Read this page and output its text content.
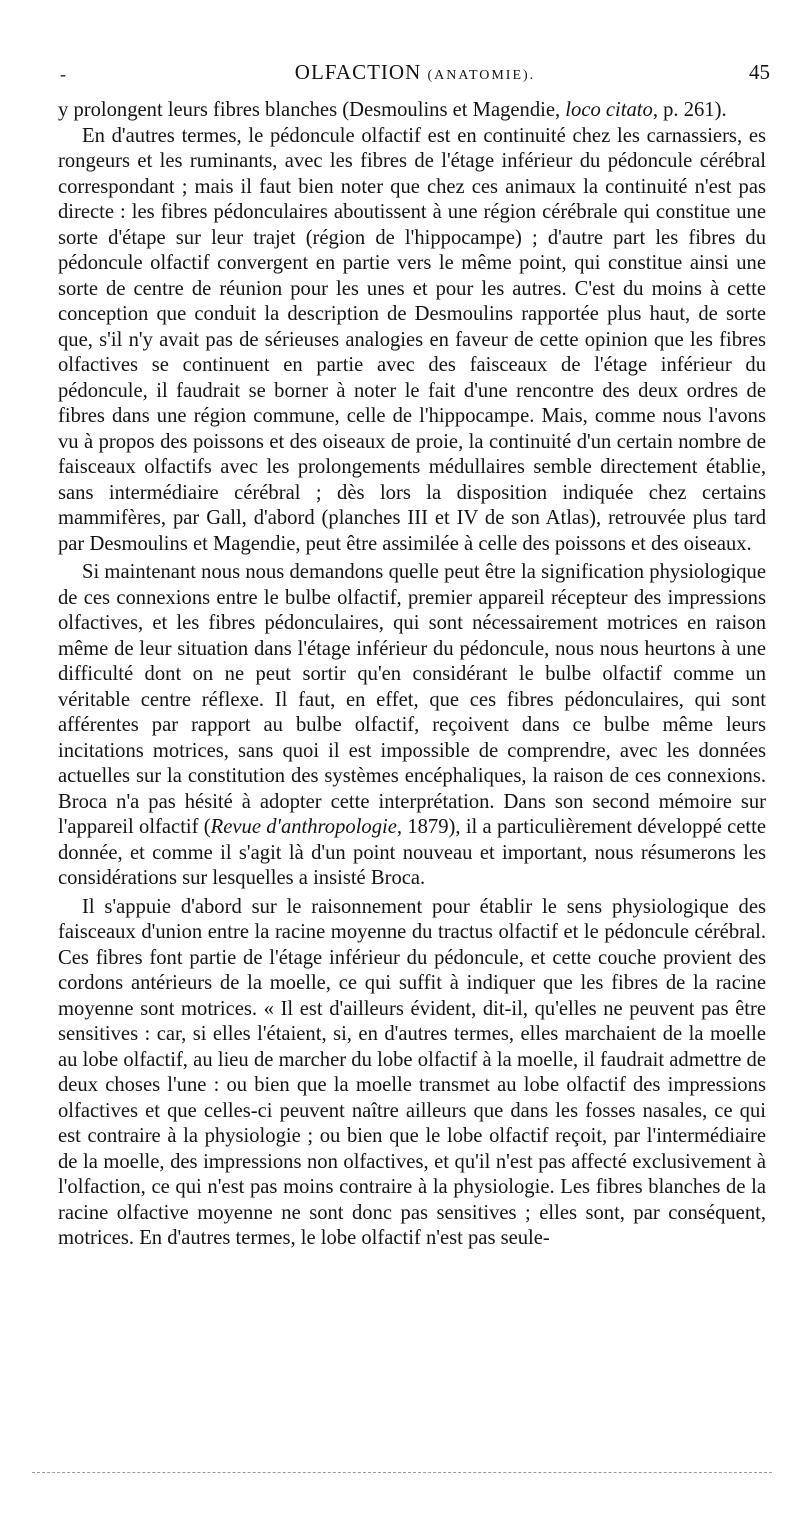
-	OLFACTION (ANATOMIE).	45

y prolongent leurs fibres blanches (Desmoulins et Magendie, loco citato, p. 261).

En d'autres termes, le pédoncule olfactif est en continuité chez les carnassiers, es rongeurs et les ruminants, avec les fibres de l'étage inférieur du pédoncule cérébral correspondant ; mais il faut bien noter que chez ces animaux la continuité n'est pas directe : les fibres pédonculaires aboutissent à une région cérébrale qui constitue une sorte d'étape sur leur trajet (région de l'hippocampe) ; d'autre part les fibres du pédoncule olfactif convergent en partie vers le même point, qui constitue ainsi une sorte de centre de réunion pour les unes et pour les autres. C'est du moins à cette conception que conduit la description de Desmoulins rapportée plus haut, de sorte que, s'il n'y avait pas de sérieuses analogies en faveur de cette opinion que les fibres olfactives se continuent en partie avec des faisceaux de l'étage inférieur du pédoncule, il faudrait se borner à noter le fait d'une rencontre des deux ordres de fibres dans une région commune, celle de l'hippocampe. Mais, comme nous l'avons vu à propos des poissons et des oiseaux de proie, la continuité d'un certain nombre de faisceaux olfactifs avec les prolongements médullaires semble directement établie, sans intermédiaire cérébral ; dès lors la disposition indiquée chez certains mammifères, par Gall, d'abord (planches III et IV de son Atlas), retrouvée plus tard par Desmoulins et Magendie, peut être assimilée à celle des poissons et des oiseaux.

Si maintenant nous nous demandons quelle peut être la signification physiologique de ces connexions entre le bulbe olfactif, premier appareil récepteur des impressions olfactives, et les fibres pédonculaires, qui sont nécessairement motrices en raison même de leur situation dans l'étage inférieur du pédoncule, nous nous heurtons à une difficulté dont on ne peut sortir qu'en considérant le bulbe olfactif comme un véritable centre réflexe. Il faut, en effet, que ces fibres pédonculaires, qui sont afférentes par rapport au bulbe olfactif, reçoivent dans ce bulbe même leurs incitations motrices, sans quoi il est impossible de comprendre, avec les données actuelles sur la constitution des systèmes encéphaliques, la raison de ces connexions. Broca n'a pas hésité à adopter cette interprétation. Dans son second mémoire sur l'appareil olfactif (Revue d'anthropologie, 1879), il a particulièrement développé cette donnée, et comme il s'agit là d'un point nouveau et important, nous résumerons les considérations sur lesquelles a insisté Broca.

Il s'appuie d'abord sur le raisonnement pour établir le sens physiologique des faisceaux d'union entre la racine moyenne du tractus olfactif et le pédoncule cérébral. Ces fibres font partie de l'étage inférieur du pédoncule, et cette couche provient des cordons antérieurs de la moelle, ce qui suffit à indiquer que les fibres de la racine moyenne sont motrices. « Il est d'ailleurs évident, dit-il, qu'elles ne peuvent pas être sensitives : car, si elles l'étaient, si, en d'autres termes, elles marchaient de la moelle au lobe olfactif, au lieu de marcher du lobe olfactif à la moelle, il faudrait admettre de deux choses l'une : ou bien que la moelle transmet au lobe olfactif des impressions olfactives et que celles-ci peuvent naître ailleurs que dans les fosses nasales, ce qui est contraire à la physiologie ; ou bien que le lobe olfactif reçoit, par l'intermédiaire de la moelle, des impressions non olfactives, et qu'il n'est pas affecté exclusivement à l'olfaction, ce qui n'est pas moins contraire à la physiologie. Les fibres blanches de la racine olfactive moyenne ne sont donc pas sensitives ; elles sont, par conséquent, motrices. En d'autres termes, le lobe olfactif n'est pas seule-
